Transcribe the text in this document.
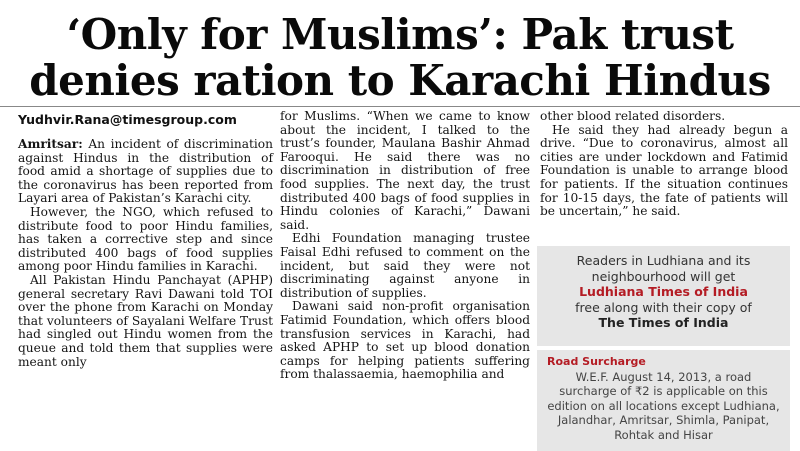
‘Only for Muslims’: Pak trust
denies ration to Karachi Hindus
Yudhvir.Rana@timesgroup.com

Amritsar: An incident of discrimination against Hindus in the distribution of food amid a shortage of supplies due to the coronavirus has been reported from Layari area of Pakistan’s Karachi city.

However, the NGO, which refused to distribute food to poor Hindu families, has taken a corrective step and since distributed 400 bags of food supplies among poor Hindu families in Karachi.

All Pakistan Hindu Panchayat (APHP) general secretary Ravi Dawani told TOI over the phone from Karachi on Monday that volunteers of Sayalani Welfare Trust had singled out Hindu women from the queue and told them that supplies were meant only

for Muslims. “When we came to know about the incident, I talked to the trust’s founder, Maulana Bashir Ahmad Farooqui. He said there was no discrimination in distribution of free food supplies. The next day, the trust distributed 400 bags of food supplies in Hindu colonies of Karachi,” Dawani said.

Edhi Foundation managing trustee Faisal Edhi refused to comment on the incident, but said they were not discriminating against anyone in distribution of supplies.

Dawani said non-profit organisation Fatimid Foundation, which offers blood transfusion services in Karachi, had asked APHP to set up blood donation camps for helping patients suffering from thalassaemia, haemophilia and

other blood related disorders.

He said they had already begun a drive. “Due to coronavirus, almost all cities are under lockdown and Fatimid Foundation is unable to arrange blood for patients. If the situation continues for 10-15 days, the fate of patients will be uncertain,” he said.

Readers in Ludhiana and its
neighbourhood will get
Ludhiana Times of India
free along with their copy of
The Times of India
Road Surcharge
W.E.F. August 14, 2013, a road surcharge of ₹2 is applicable on this edition on all locations except Ludhiana, Jalandhar, Amritsar, Shimla, Panipat, Rohtak and Hisar
